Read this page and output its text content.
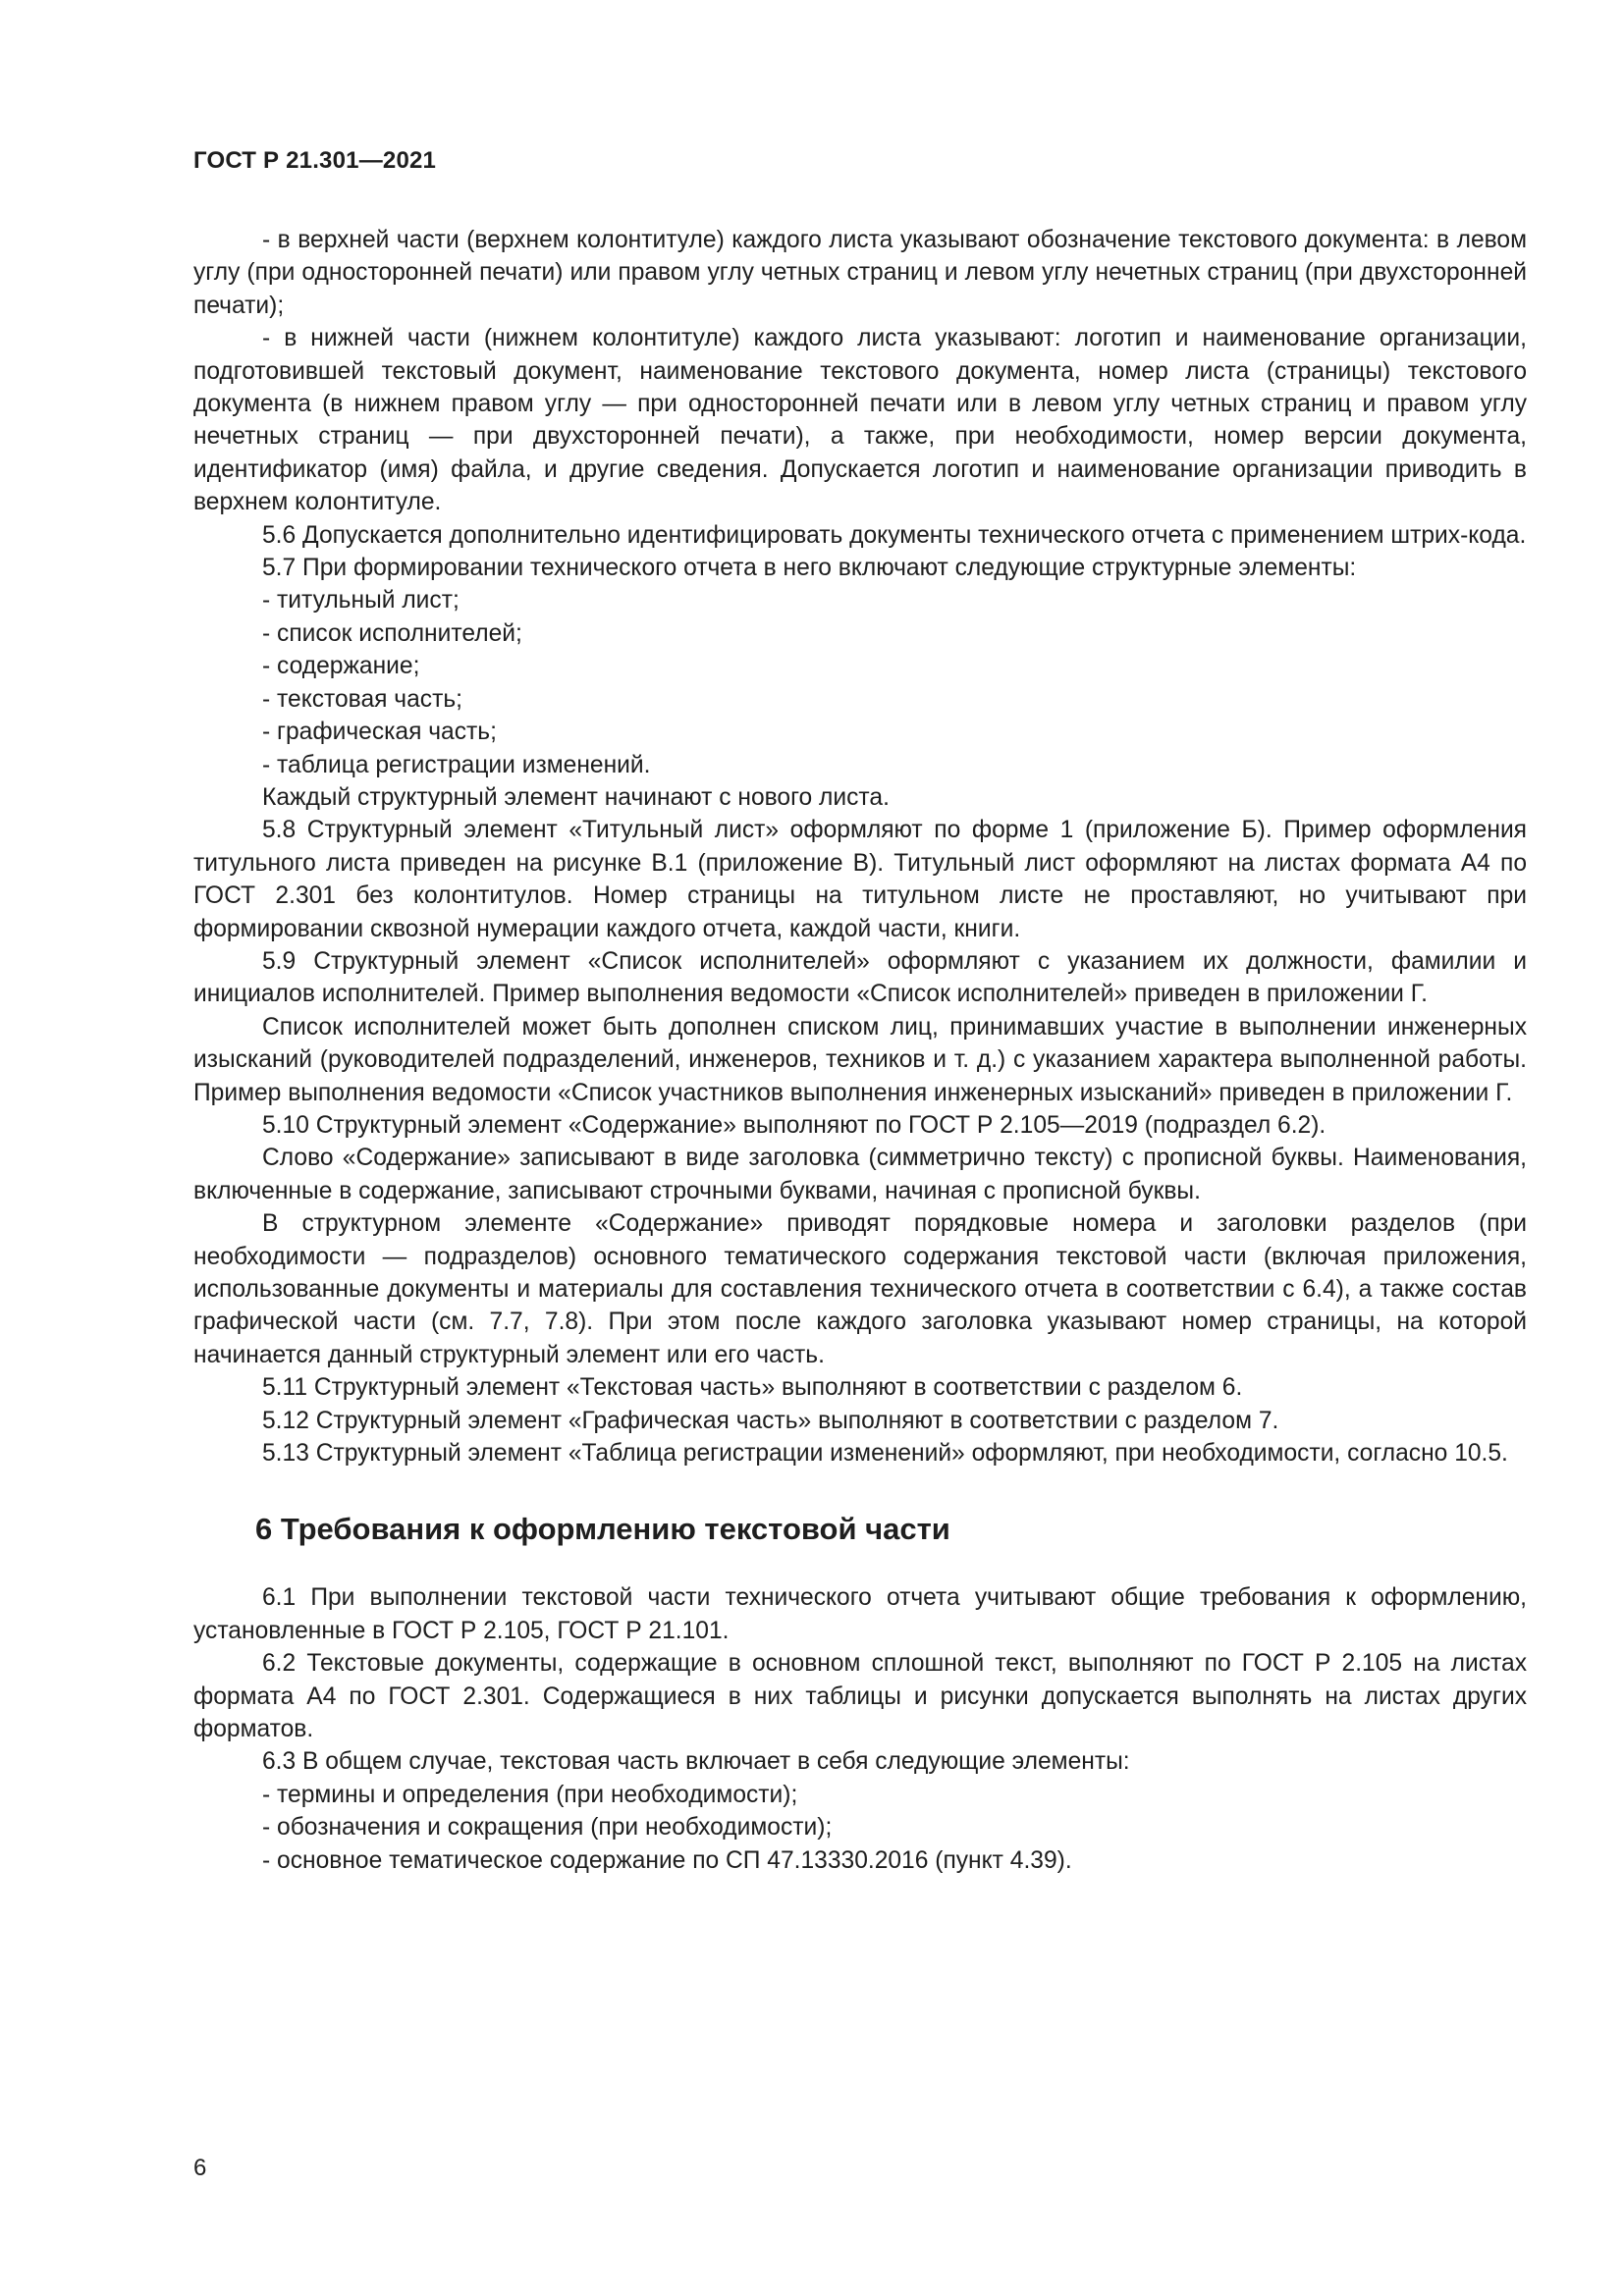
ГОСТ Р 21.301—2021

- в верхней части (верхнем колонтитуле) каждого листа указывают обозначение текстового документа: в левом углу (при односторонней печати) или правом углу четных страниц и левом углу нечетных страниц (при двухсторонней печати);

- в нижней части (нижнем колонтитуле) каждого листа указывают: логотип и наименование организации, подготовившей текстовый документ, наименование текстового документа, номер листа (страницы) текстового документа (в нижнем правом углу — при односторонней печати или в левом углу четных страниц и правом углу нечетных страниц — при двухсторонней печати), а также, при необходимости, номер версии документа, идентификатор (имя) файла, и другие сведения. Допускается логотип и наименование организации приводить в верхнем колонтитуле.

5.6 Допускается дополнительно идентифицировать документы технического отчета с применением штрих-кода.

5.7 При формировании технического отчета в него включают следующие структурные элементы:

- титульный лист;

- список исполнителей;

- содержание;

- текстовая часть;

- графическая часть;

- таблица регистрации изменений.

Каждый структурный элемент начинают с нового листа.

5.8 Структурный элемент «Титульный лист» оформляют по форме 1 (приложение Б). Пример оформления титульного листа приведен на рисунке В.1 (приложение В). Титульный лист оформляют на листах формата А4 по ГОСТ 2.301 без колонтитулов. Номер страницы на титульном листе не проставляют, но учитывают при формировании сквозной нумерации каждого отчета, каждой части, книги.

5.9 Структурный элемент «Список исполнителей» оформляют с указанием их должности, фамилии и инициалов исполнителей. Пример выполнения ведомости «Список исполнителей» приведен в приложении Г.

Список исполнителей может быть дополнен списком лиц, принимавших участие в выполнении инженерных изысканий (руководителей подразделений, инженеров, техников и т. д.) с указанием характера выполненной работы. Пример выполнения ведомости «Список участников выполнения инженерных изысканий» приведен в приложении Г.

5.10 Структурный элемент «Содержание» выполняют по ГОСТ Р 2.105—2019 (подраздел 6.2).

Слово «Содержание» записывают в виде заголовка (симметрично тексту) с прописной буквы. Наименования, включенные в содержание, записывают строчными буквами, начиная с прописной буквы.

В структурном элементе «Содержание» приводят порядковые номера и заголовки разделов (при необходимости — подразделов) основного тематического содержания текстовой части (включая приложения, использованные документы и материалы для составления технического отчета в соответствии с 6.4), а также состав графической части (см. 7.7, 7.8). При этом после каждого заголовка указывают номер страницы, на которой начинается данный структурный элемент или его часть.

5.11 Структурный элемент «Текстовая часть» выполняют в соответствии с разделом 6.

5.12 Структурный элемент «Графическая часть» выполняют в соответствии с разделом 7.

5.13 Структурный элемент «Таблица регистрации изменений» оформляют, при необходимости, согласно 10.5.

6 Требования к оформлению текстовой части

6.1 При выполнении текстовой части технического отчета учитывают общие требования к оформлению, установленные в ГОСТ Р 2.105, ГОСТ Р 21.101.

6.2 Текстовые документы, содержащие в основном сплошной текст, выполняют по ГОСТ Р 2.105 на листах формата А4 по ГОСТ 2.301. Содержащиеся в них таблицы и рисунки допускается выполнять на листах других форматов.

6.3 В общем случае, текстовая часть включает в себя следующие элементы:

- термины и определения (при необходимости);

- обозначения и сокращения (при необходимости);

- основное тематическое содержание по СП 47.13330.2016 (пункт 4.39).

6
